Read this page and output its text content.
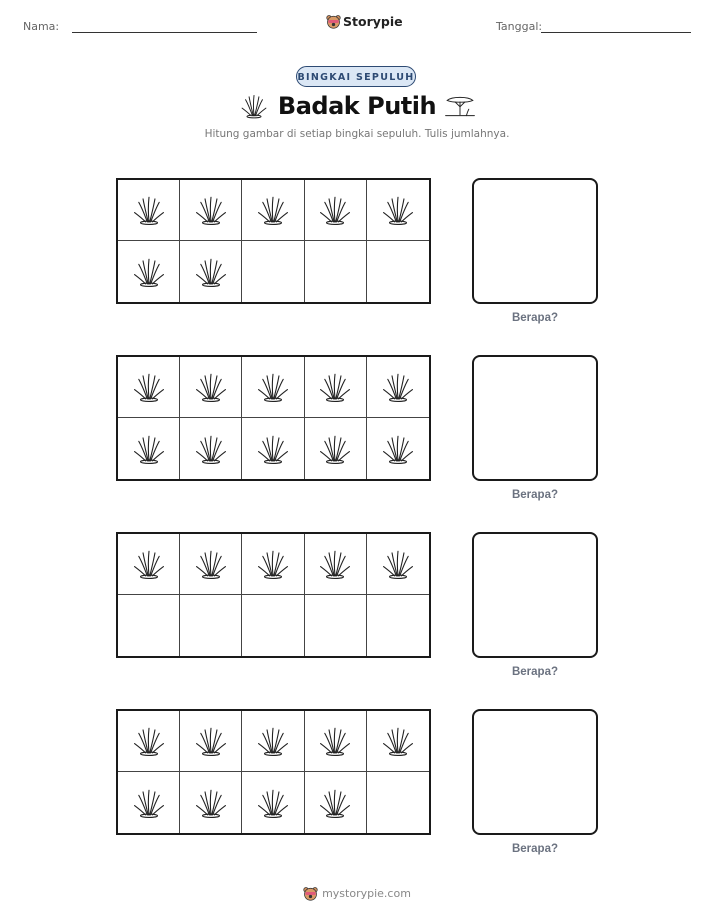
Nama:	Storypie	Tanggal:
BINGKAI SEPULUH
Badak Putih
Hitung gambar di setiap bingkai sepuluh. Tulis jumlahnya.
Berapa?
Berapa?
Berapa?
Berapa?
mystorypie.com
